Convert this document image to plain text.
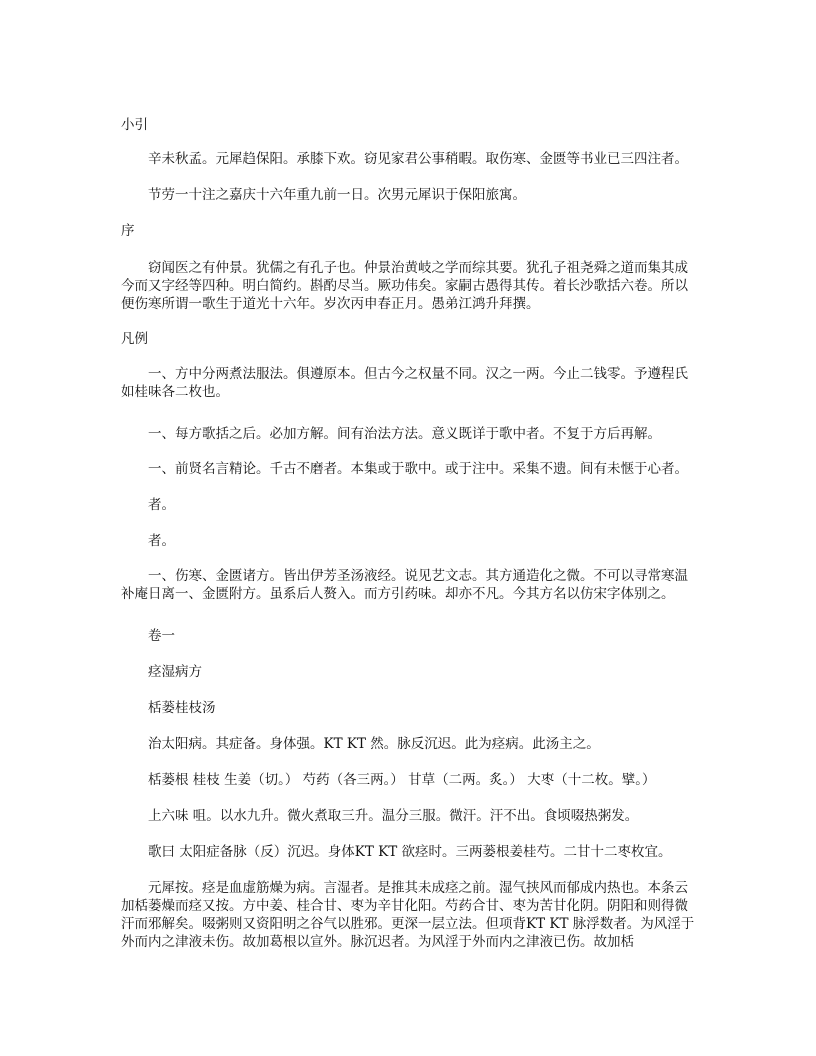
小引
辛未秋孟。元犀趋保阳。承膝下欢。窃见家君公事稍暇。取伤寒、金匮等书业已三四注者。
节劳一十注之嘉庆十六年重九前一日。次男元犀识于保阳旅寓。
序
窃闻医之有仲景。犹儒之有孔子也。仲景治黄岐之学而综其要。犹孔子祖尧舜之道而集其成今而又字经等四种。明白简约。斟酌尽当。厥功伟矣。家嗣古愚得其传。着长沙歌括六卷。所以便伤寒所谓一歌生于道光十六年。岁次丙申春正月。愚弟江鸿升拜撰。
凡例
一、方中分两煮法服法。俱遵原本。但古今之权量不同。汉之一两。今止二钱零。予遵程氏如桂味各二枚也。
一、每方歌括之后。必加方解。间有治法方法。意义既详于歌中者。不复于方后再解。
一、前贤名言精论。千古不磨者。本集或于歌中。或于注中。采集不遗。间有未惬于心者。
者。
者。
一、伤寒、金匮诸方。皆出伊芳圣汤液经。说见艺文志。其方通造化之微。不可以寻常寒温补庵日离一、金匮附方。虽系后人赘入。而方引药味。却亦不凡。今其方名以仿宋字体别之。
卷一
痉湿病方
栝蒌桂枝汤
治太阳病。其症备。身体强。KT KT 然。脉反沉迟。此为痉病。此汤主之。
栝蒌根 桂枝 生姜（切。） 芍药（各三两。） 甘草（二两。炙。） 大枣（十二枚。擘。）
上六味 咀。以水九升。微火煮取三升。温分三服。微汗。汗不出。食顷啜热粥发。
歌曰 太阳症备脉（反）沉迟。身体KT KT 欲痉时。三两蒌根姜桂芍。二甘十二枣枚宜。
元犀按。痉是血虚筋燥为病。言湿者。是推其未成痉之前。湿气挟风而郁成内热也。本条云加栝蒌燥而痉又按。方中姜、桂合甘、枣为辛甘化阳。芍药合甘、枣为苦甘化阴。阴阳和则得微汗而邪解矣。啜粥则又资阳明之谷气以胜邪。更深一层立法。但项背KT KT 脉浮数者。为风淫于外而内之津液未伤。故加葛根以宣外。脉沉迟者。为风淫于外而内之津液已伤。故加栝
